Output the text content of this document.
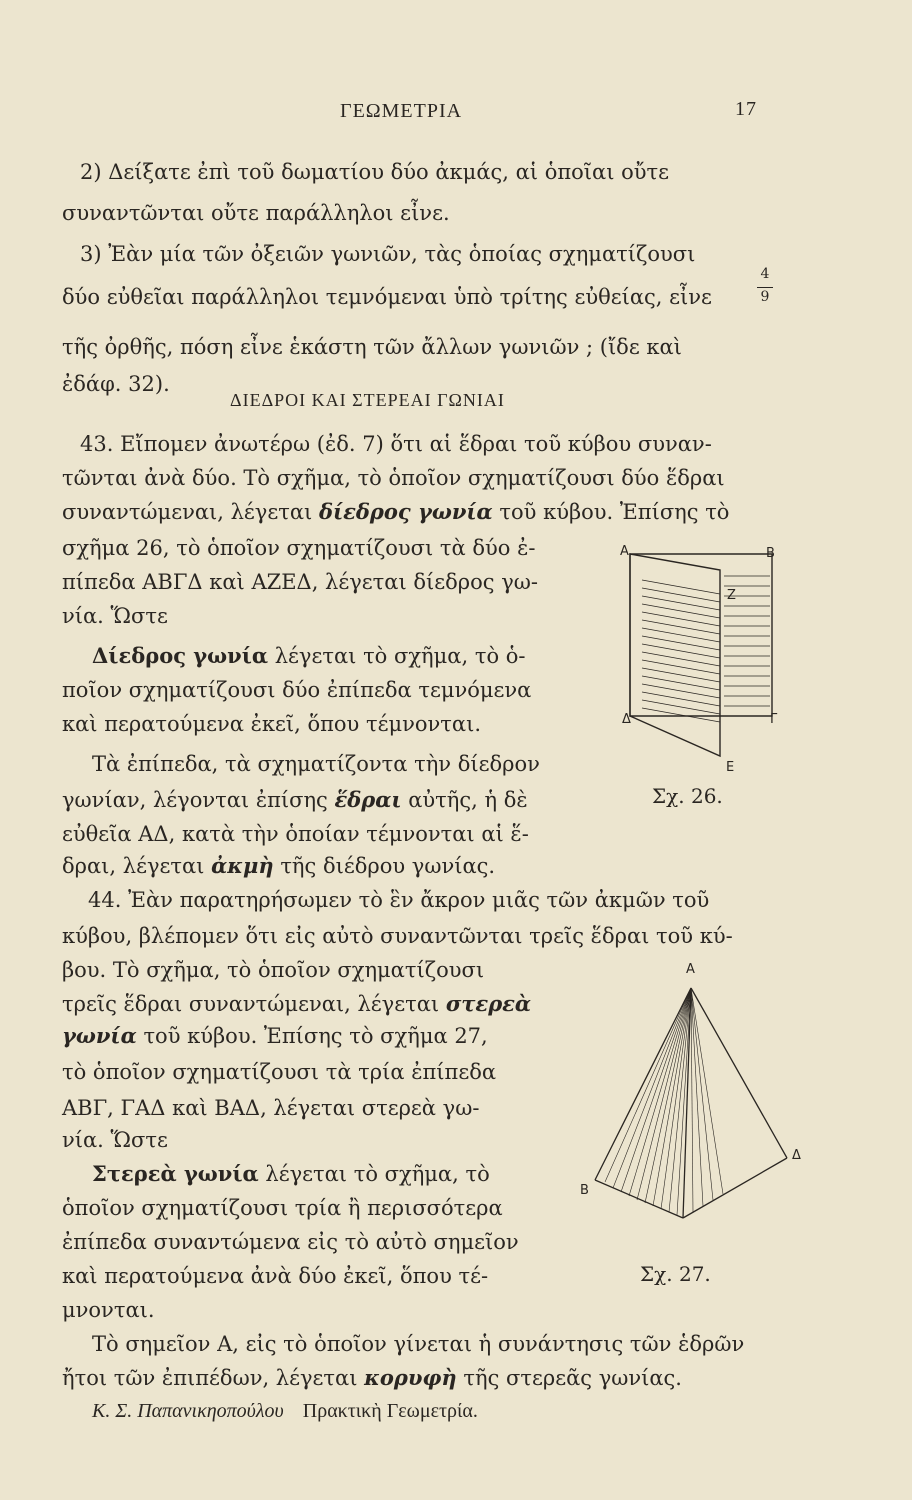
ΓΕΩΜΕΤΡΙΑ	17
2) Δείξατε ἐπὶ τοῦ δωματίου δύο ἀκμάς, αἱ ὁποῖαι οὔτε
συναντῶνται οὔτε παράλληλοι εἶνε.
3) Ἐὰν μία τῶν ὀξειῶν γωνιῶν, τὰς ὁποίας σχηματίζουσι
δύο εὐθεῖαι παράλληλοι τεμνόμεναι ὑπὸ τρίτης εὐθείας, εἶνε
4
9
τῆς ὀρθῆς, πόση εἶνε ἑκάστη τῶν ἄλλων γωνιῶν ; (ἴδε καὶ
ἐδάφ. 32).
ΔΙΕΔΡΟΙ ΚΑΙ ΣΤΕΡΕΑΙ ΓΩΝΙΑΙ
43. Εἴπομεν ἀνωτέρω (ἐδ. 7) ὅτι αἱ ἕδραι τοῦ κύβου συναν-
τῶνται ἀνὰ δύο. Τὸ σχῆμα, τὸ ὁποῖον σχηματίζουσι δύο ἕδραι
συναντώμεναι, λέγεται δίεδρος γωνία τοῦ κύβου. Ἐπίσης τὸ
σχῆμα 26, τὸ ὁποῖον σχηματίζουσι τὰ δύο ἐ-
πίπεδα ΑΒΓΔ καὶ ΑΖΕΔ, λέγεται δίεδρος γω-
νία. Ὥστε
Δίεδρος γωνία λέγεται τὸ σχῆμα, τὸ ὁ-
ποῖον σχηματίζουσι δύο ἐπίπεδα τεμνόμενα
καὶ περατούμενα ἐκεῖ, ὅπου τέμνονται.
Τὰ ἐπίπεδα, τὰ σχηματίζοντα τὴν δίεδρον
γωνίαν, λέγονται ἐπίσης ἕδραι αὐτῆς, ἡ δὲ
εὐθεῖα ΑΔ, κατὰ τὴν ὁποίαν τέμνονται αἱ ἕ-
δραι, λέγεται ἀκμὴ τῆς διέδρου γωνίας.
Α	Β
Ζ
Δ	Γ
Ε
Σχ. 26.
44. Ἐὰν παρατηρήσωμεν τὸ ἓν ἄκρον μιᾶς τῶν ἀκμῶν τοῦ
κύβου, βλέπομεν ὅτι εἰς αὐτὸ συναντῶνται τρεῖς ἕδραι τοῦ κύ-
βου. Τὸ σχῆμα, τὸ ὁποῖον σχηματίζουσι
τρεῖς ἕδραι συναντώμεναι, λέγεται στερεὰ
γωνία τοῦ κύβου. Ἐπίσης τὸ σχῆμα 27,
τὸ ὁποῖον σχηματίζουσι τὰ τρία ἐπίπεδα
ΑΒΓ, ΓΑΔ καὶ ΒΑΔ, λέγεται στερεὰ γω-
νία. Ὥστε
Στερεὰ γωνία λέγεται τὸ σχῆμα, τὸ
ὁποῖον σχηματίζουσι τρία ἢ περισσότερα
ἐπίπεδα συναντώμενα εἰς τὸ αὐτὸ σημεῖον
καὶ περατούμενα ἀνὰ δύο ἐκεῖ, ὅπου τέ-
μνονται.
Τὸ σημεῖον Α, εἰς τὸ ὁποῖον γίνεται ἡ συνάντησις τῶν ἑδρῶν
ἤτοι τῶν ἐπιπέδων, λέγεται κορυφὴ τῆς στερεᾶς γωνίας.
Α
Β
Δ
Σχ. 27.
Κ. Σ. Παπανικηοπούλου Πρακτικὴ Γεωμετρία.
